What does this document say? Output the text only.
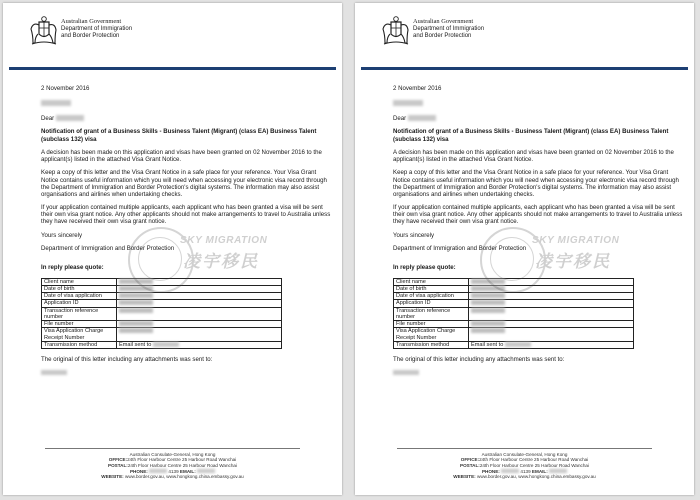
Australian Government
Department of Immigration
and Border Protection

2 November 2016

Dear

Notification of grant of a Business Skills - Business Talent (Migrant) (class EA) Business Talent (subclass 132) visa

A decision has been made on this application and visas have been granted on 02 November 2016 to the applicant(s) listed in the attached Visa Grant Notice.

Keep a copy of this letter and the Visa Grant Notice in a safe place for your reference. Your Visa Grant Notice contains useful information which you will need when accessing your electronic visa record through the Department of Immigration and Border Protection's digital systems. The information may also assist organisations and airlines when undertaking checks.

If your application contained multiple applicants, each applicant who has been granted a visa will be sent their own visa grant notice. Any other applicants should not make arrangements to travel to Australia unless they have received their own visa grant notice.

Yours sincerely

Department of Immigration and Border Protection

In reply please quote:

Client name	
Date of birth	
Date of visa application	
Application ID	
Transaction reference number	
File number	
Visa Application Charge Receipt Number	
Transmission method	Email sent to

The original of this letter including any attachments was sent to:

SKY MIGRATION
凌宇移民
Australian Consulate-General, Hong Kong
OFFICE:24th Floor Harbour Centre 25 Harbour Road Wanchai
POSTAL:24th Floor Harbour Centre 25 Harbour Road Wanchai
PHONE:	4139 EMAIL:
WEBSITE: www.border.gov.au, www.hongkong.china.embassy.gov.au
Australian Government
Department of Immigration
and Border Protection

2 November 2016

Dear

Notification of grant of a Business Skills - Business Talent (Migrant) (class EA) Business Talent (subclass 132) visa

A decision has been made on this application and visas have been granted on 02 November 2016 to the applicant(s) listed in the attached Visa Grant Notice.

Keep a copy of this letter and the Visa Grant Notice in a safe place for your reference. Your Visa Grant Notice contains useful information which you will need when accessing your electronic visa record through the Department of Immigration and Border Protection's digital systems. The information may also assist organisations and airlines when undertaking checks.

If your application contained multiple applicants, each applicant who has been granted a visa will be sent their own visa grant notice. Any other applicants should not make arrangements to travel to Australia unless they have received their own visa grant notice.

Yours sincerely

Department of Immigration and Border Protection

In reply please quote:

Client name	
Date of birth	
Date of visa application	
Application ID	
Transaction reference number	
File number	
Visa Application Charge Receipt Number	
Transmission method	Email sent to

The original of this letter including any attachments was sent to:

SKY MIGRATION
凌宇移民
Australian Consulate-General, Hong Kong
OFFICE:24th Floor Harbour Centre 25 Harbour Road Wanchai
POSTAL:24th Floor Harbour Centre 25 Harbour Road Wanchai
PHONE:	4139 EMAIL:
WEBSITE: www.border.gov.au, www.hongkong.china.embassy.gov.au
